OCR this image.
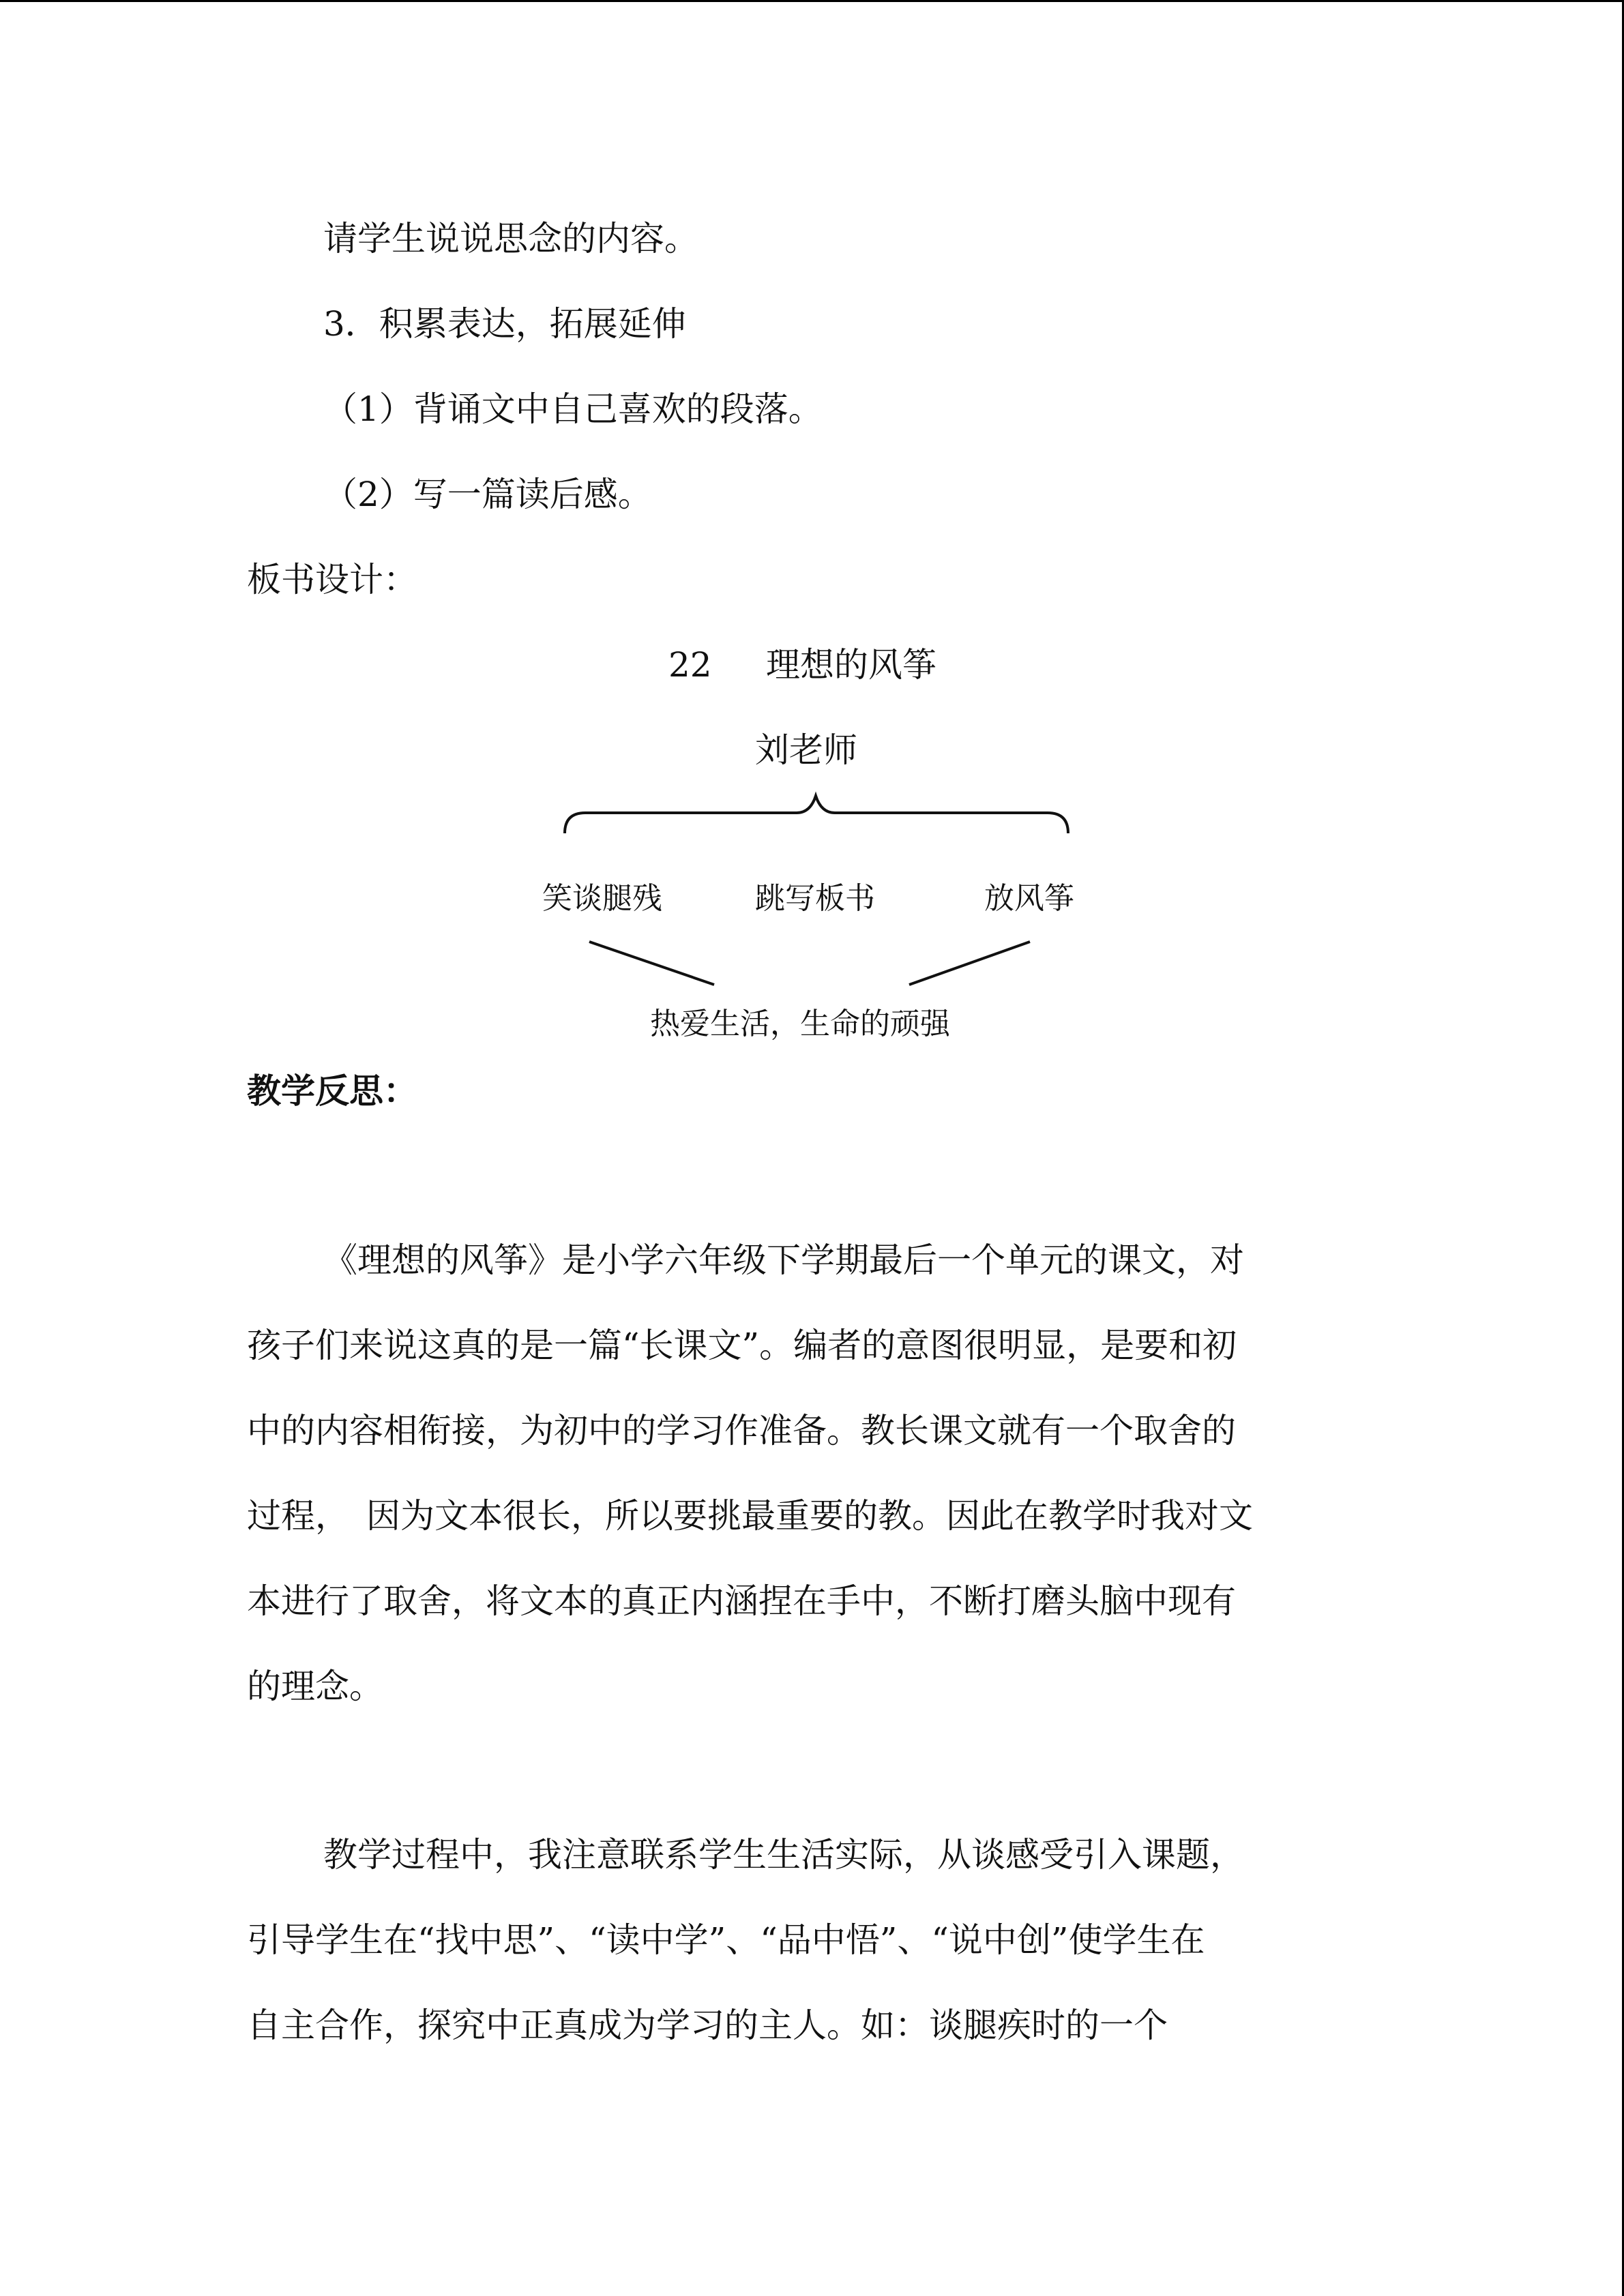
请学生说说思念的内容。
3．积累表达，拓展延伸
（1）背诵文中自己喜欢的段落。
（2）写一篇读后感。
板书设计：
22 理想的风筝
刘老师
笑谈腿残	跳写板书	放风筝
热爱生活，生命的顽强
教学反思：
《理想的风筝》是小学六年级下学期最后一个单元的课文，对
孩子们来说这真的是一篇“长课文”。编者的意图很明显，是要和初
中的内容相衔接，为初中的学习作准备。教长课文就有一个取舍的
过程，　因为文本很长，所以要挑最重要的教。因此在教学时我对文
本进行了取舍，将文本的真正内涵捏在手中，不断打磨头脑中现有
的理念。
教学过程中，我注意联系学生生活实际，从谈感受引入课题，
引导学生在“找中思”、“读中学”、“品中悟”、“说中创”使学生在
自主合作，探究中正真成为学习的主人。如：谈腿疾时的一个
